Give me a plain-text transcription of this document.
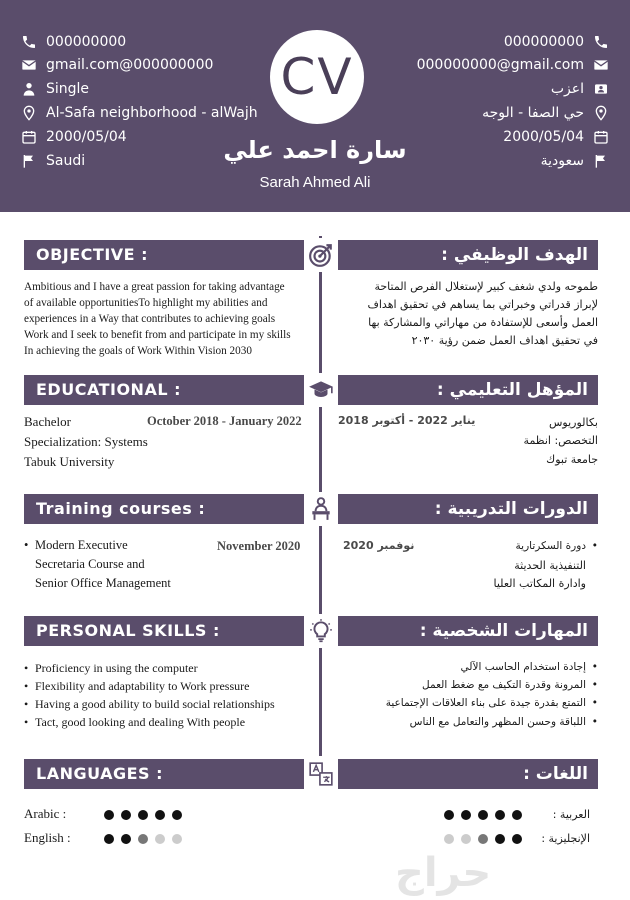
000000000
gmail.com@000000000
Single
Al-Safa neighborhood - alWajh
2000/05/04
Saudi
000000000
000000000@gmail.com
اعزب
حي الصفا - الوجه
2000/05/04
سعودية
CV
سارة احمد علي
Sarah Ahmed Ali
OBJECTIVE :	الهدف الوظيفي :
Ambitious and I have a great passion for taking advantage
of available opportunitiesTo highlight my abilities and
experiences in a Way that contributes to achieving goals
Work and I seek to benefit from and participate in my skills
In achieving the goals of Work Within Vision 2030
طموحه ولدي شغف كبير لإستغلال الفرص المتاحة
لإبراز قدراتي وخبراتي بما يساهم في تحقيق اهداف
العمل وأسعى للإستفادة من مهاراتي والمشاركة بها
في تحقيق اهداف العمل ضمن رؤية ٢٠٣٠
EDUCATIONAL :	المؤهل التعليمي :
Bachelor
Specialization: Systems
Tabuk University
October 2018 - January 2022	يناير 2022 - أكتوبر 2018	بكالوريوس
التخصص: انظمة
جامعة تبوك
Training courses :	الدورات التدريبية :
• Modern Executive
Secretaria Course and
Senior Office Management
November 2020	نوفمبر 2020
•	دورة السكرتارية
التنفيذية الحديثة
وادارة المكاتب العليا
PERSONAL SKILLS :	المهارات الشخصية :
• Proficiency in using the computer
• Flexibility and adaptability to Work pressure
• Having a good ability to build social relationships
• Tact, good looking and dealing With people
• إجادة استخدام الحاسب الآلي
• المرونة وقدرة التكيف مع ضغط العمل
• التمتع بقدرة جيدة على بناء العلاقات الإجتماعية
• اللباقة وحسن المظهر والتعامل مع الناس
LANGUAGES :	اللغات :
Arabic :
English :
العربية :
الإنجليزية :
حراج
